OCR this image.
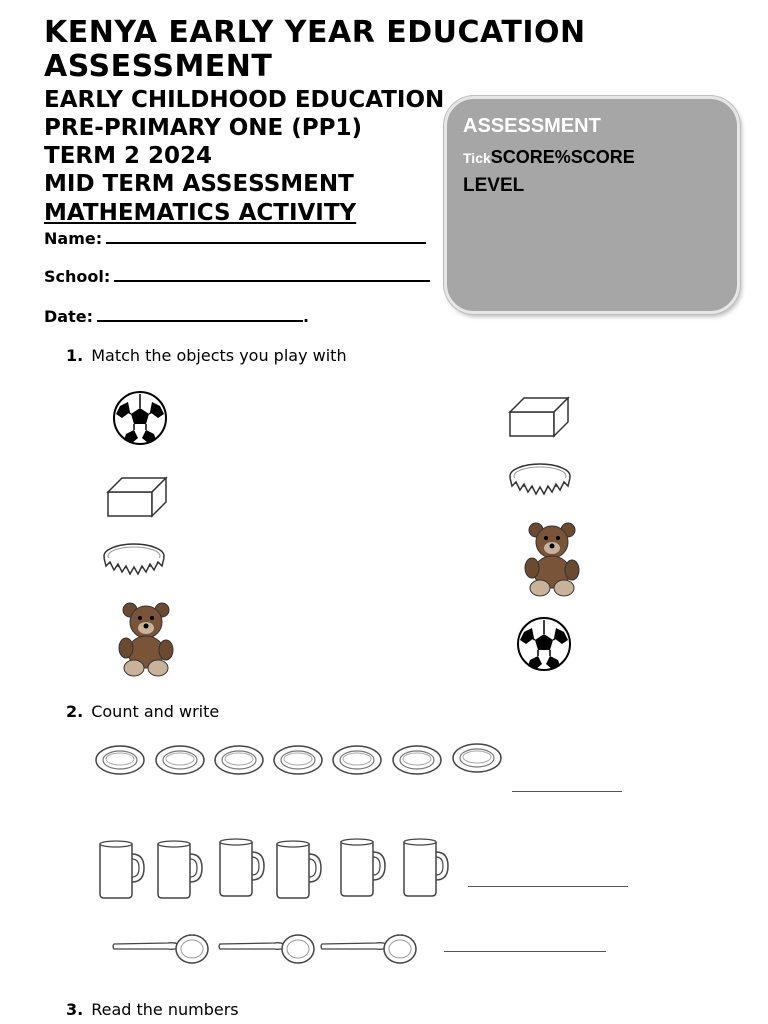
KENYA EARLY YEAR EDUCATION ASSESSMENT
EARLY CHILDHOOD EDUCATION
PRE-PRIMARY ONE (PP1)
TERM 2 2024
MID TERM ASSESSMENT
MATHEMATICS ACTIVITY
Name:
School:
Date:	.
ASSESSMENT
TickSCORE%SCORE
LEVEL
1. Match the objects you play with
2. Count and write
3. Read the numbers
